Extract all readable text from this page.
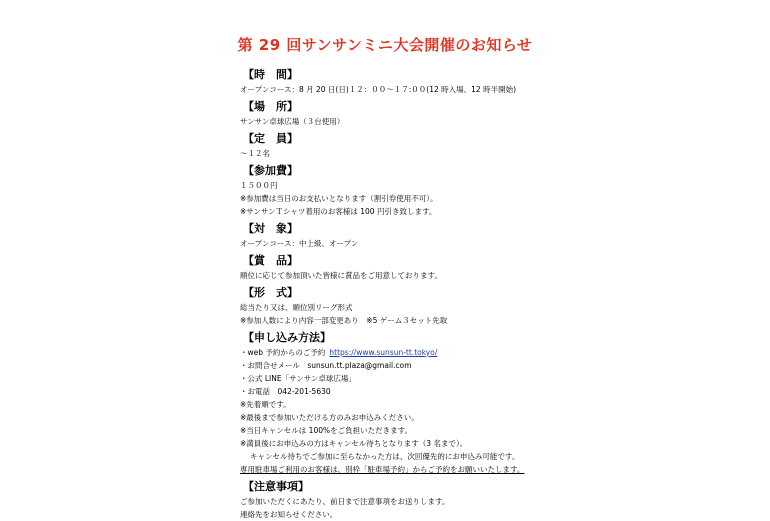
第 29 回サンサンミニ大会開催のお知らせ
【時　間】
オープンコース：8 月 20 日(日)１２：００～１７:００(12 時入場、12 時半開始)
【場　所】
サンサン卓球広場（３台使用）
【定　員】
～１２名
【参加費】
１５００円
※参加費は当日のお支払いとなります（割引券使用不可）。
※サンサンＴシャツ着用のお客様は 100 円引き致します。
【対　象】
オープンコース：中上級、オープン
【賞　品】
順位に応じて参加頂いた皆様に賞品をご用意しております。
【形　式】
総当たり又は、順位別リーグ形式
※参加人数により内容一部変更あり　※5 ゲーム３セット先取
【申し込み方法】
・web 予約からのご予約 https://www.sunsun-tt.tokyo/
・お問合せメール　sunsun.tt.plaza@gmail.com
・公式 LINE「サンサン卓球広場」
・お電話　042-201-5630
※先着順です。
※最後まで参加いただける方のみお申込みください。
※当日キャンセルは 100%をご負担いただきます。
※満員後にお申込みの方はキャンセル待ちとなります（3 名まで）。
キャンセル待ちでご参加に至らなかった方は、次回優先的にお申込み可能です。
専用駐車場ご利用のお客様は、別枠「駐車場予約」からご予約をお願いいたします。
【注意事項】
ご参加いただくにあたり、前日まで注意事項をお送りします。
連絡先をお知らせください。
